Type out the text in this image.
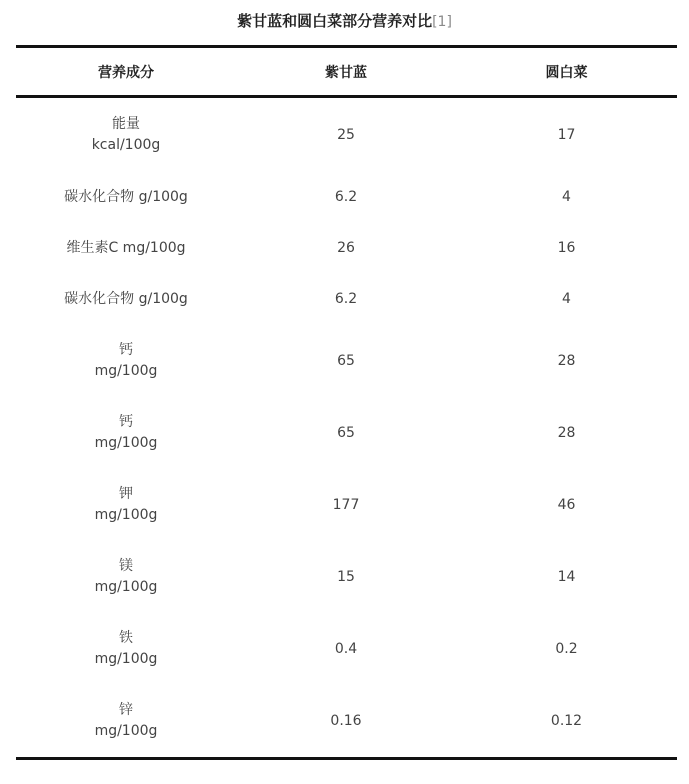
紫甘蓝和圆白菜部分营养对比[1]
营养成分	紫甘蓝	圆白菜
能量
kcal/100g
25	17
碳水化合物 g/100g	6.2	4
维生素C mg/100g	26	16
碳水化合物 g/100g	6.2	4
钙
mg/100g
65	28
钙
mg/100g
65	28
钾
mg/100g
177	46
镁
mg/100g
15	14
铁
mg/100g
0.4	0.2
锌
mg/100g
0.16	0.12
